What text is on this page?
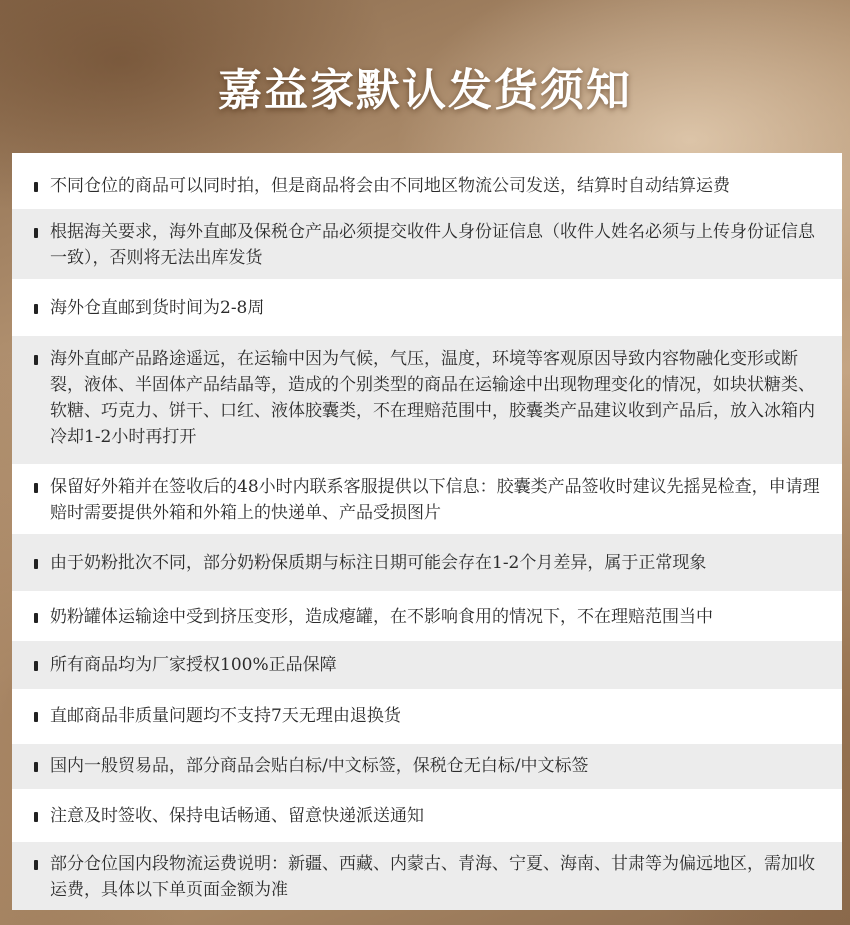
嘉益家默认发货须知
不同仓位的商品可以同时拍，但是商品将会由不同地区物流公司发送，结算时自动结算运费
根据海关要求，海外直邮及保税仓产品必须提交收件人身份证信息（收件人姓名必须与上传身份证信息一致），否则将无法出库发货
海外仓直邮到货时间为2-8周
海外直邮产品路途遥远，在运输中因为气候，气压，温度，环境等客观原因导致内容物融化变形或断裂，液体、半固体产品结晶等，造成的个别类型的商品在运输途中出现物理变化的情况，如块状糖类、软糖、巧克力、饼干、口红、液体胶囊类，不在理赔范围中，胶囊类产品建议收到产品后，放入冰箱内冷却1-2小时再打开
保留好外箱并在签收后的48小时内联系客服提供以下信息：胶囊类产品签收时建议先摇晃检查，申请理赔时需要提供外箱和外箱上的快递单、产品受损图片
由于奶粉批次不同，部分奶粉保质期与标注日期可能会存在1-2个月差异，属于正常现象
奶粉罐体运输途中受到挤压变形，造成瘪罐，在不影响食用的情况下，不在理赔范围当中
所有商品均为厂家授权100%正品保障
直邮商品非质量问题均不支持7天无理由退换货
国内一般贸易品，部分商品会贴白标/中文标签，保税仓无白标/中文标签
注意及时签收、保持电话畅通、留意快递派送通知
部分仓位国内段物流运费说明：新疆、西藏、内蒙古、青海、宁夏、海南、甘肃等为偏远地区，需加收运费，具体以下单页面金额为准
